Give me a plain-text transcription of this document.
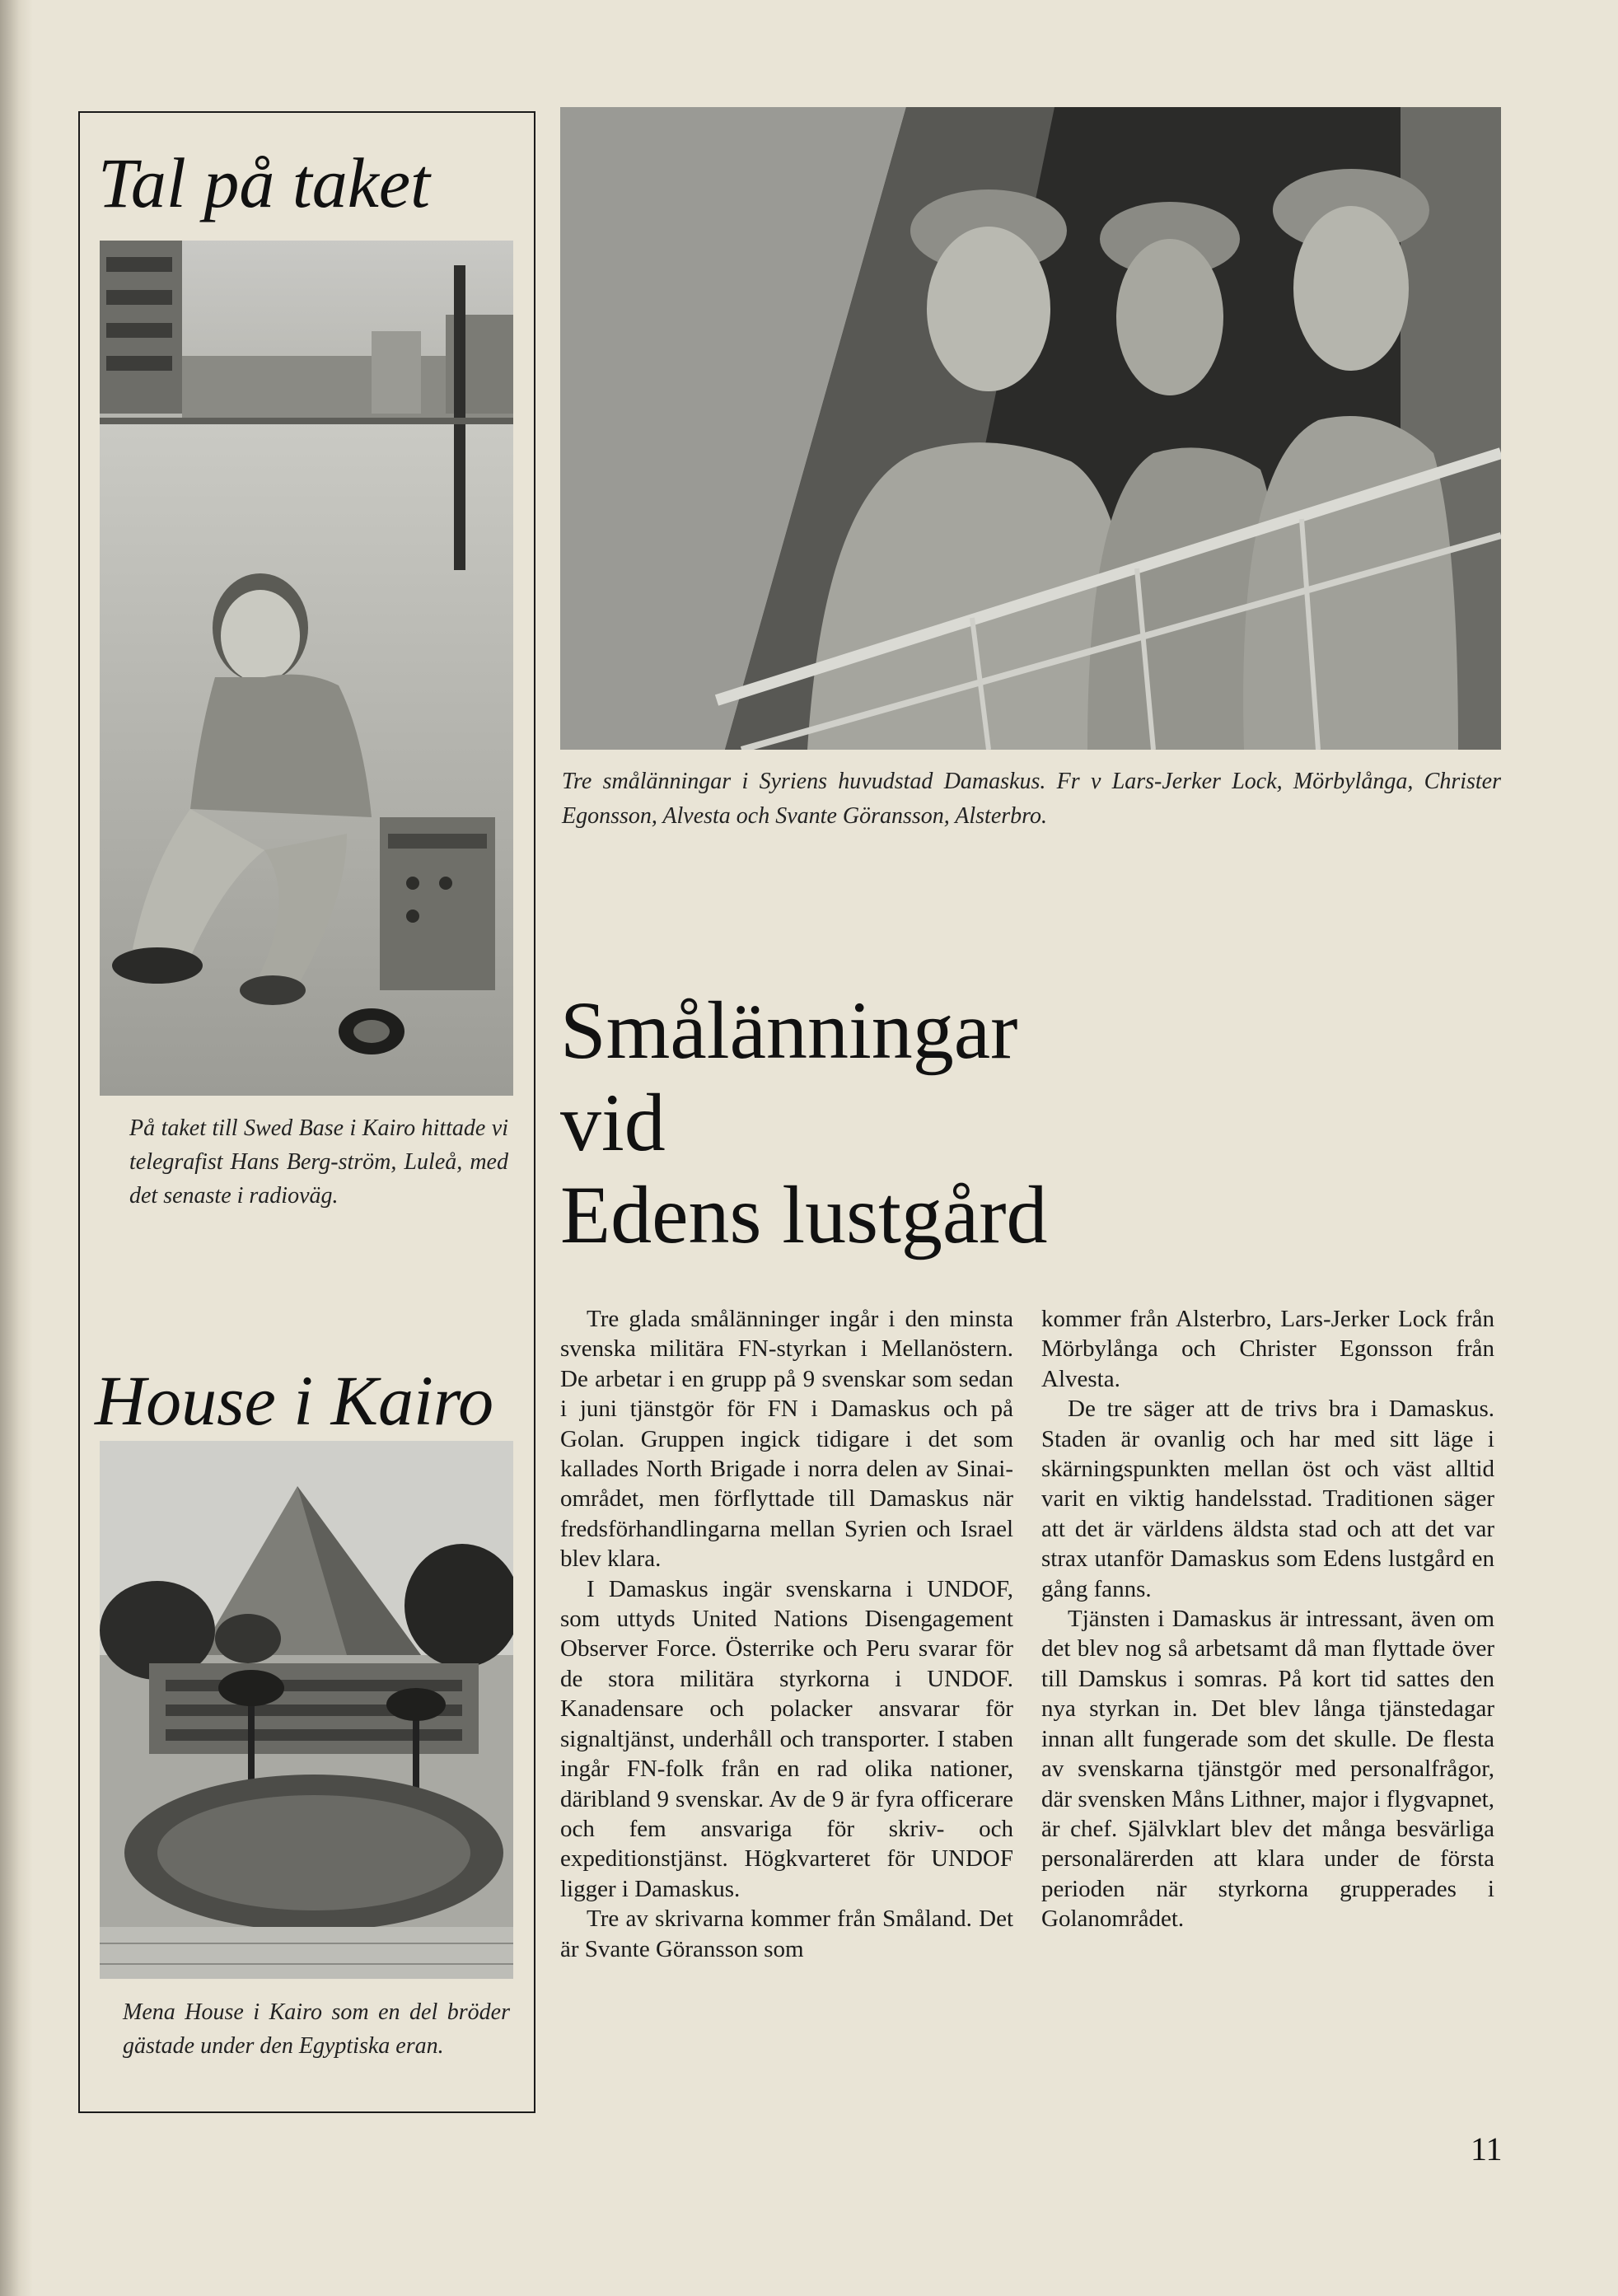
Tal på taket
På taket till Swed Base i Kairo hittade vi telegrafist Hans Berg-ström, Luleå, med det senaste i radioväg.
House i Kairo
Mena House i Kairo som en del bröder gästade under den Egyptiska eran.
Tre smålänningar i Syriens huvudstad Damaskus. Fr v Lars-Jerker Lock, Mörbylånga, Christer Egonsson, Alvesta och Svante Göransson, Alsterbro.
Smålänningar
vid
Edens lustgård

Tre glada smålänninger ingår i den minsta svenska militära FN-styrkan i Mellanöstern. De arbetar i en grupp på 9 svenskar som sedan i juni tjänstgör för FN i Damaskus och på Golan. Gruppen ingick tidigare i det som kallades North Brigade i norra delen av Sinai-området, men förflyttade till Damaskus när fredsförhandlingarna mellan Syrien och Israel blev klara.

I Damaskus ingär svenskarna i UNDOF, som uttyds United Nations Disengagement Observer Force. Österrike och Peru svarar för de stora militära styrkorna i UNDOF. Kanadensare och polacker ansvarar för signaltjänst, underhåll och transporter. I staben ingår FN-folk från en rad olika nationer, däribland 9 svenskar. Av de 9 är fyra officerare och fem ansvariga för skriv- och expeditionstjänst. Högkvarteret för UNDOF ligger i Damaskus.

Tre av skrivarna kommer från Småland. Det är Svante Göransson som

kommer från Alsterbro, Lars-Jerker Lock från Mörbylånga och Christer Egonsson från Alvesta.

De tre säger att de trivs bra i Damaskus. Staden är ovanlig och har med sitt läge i skärningspunkten mellan öst och väst alltid varit en viktig handelsstad. Traditionen säger att det är världens äldsta stad och att det var strax utanför Damaskus som Edens lustgård en gång fanns.

Tjänsten i Damaskus är intressant, även om det blev nog så arbetsamt då man flyttade över till Damskus i somras. På kort tid sattes den nya styrkan in. Det blev långa tjänstedagar innan allt fungerade som det skulle. De flesta av svenskarna tjänstgör med personalfrågor, där svensken Måns Lithner, major i flygvapnet, är chef. Självklart blev det många besvärliga personalärerden att klara under de första perioden när styrkorna grupperades i Golanområdet.

11
